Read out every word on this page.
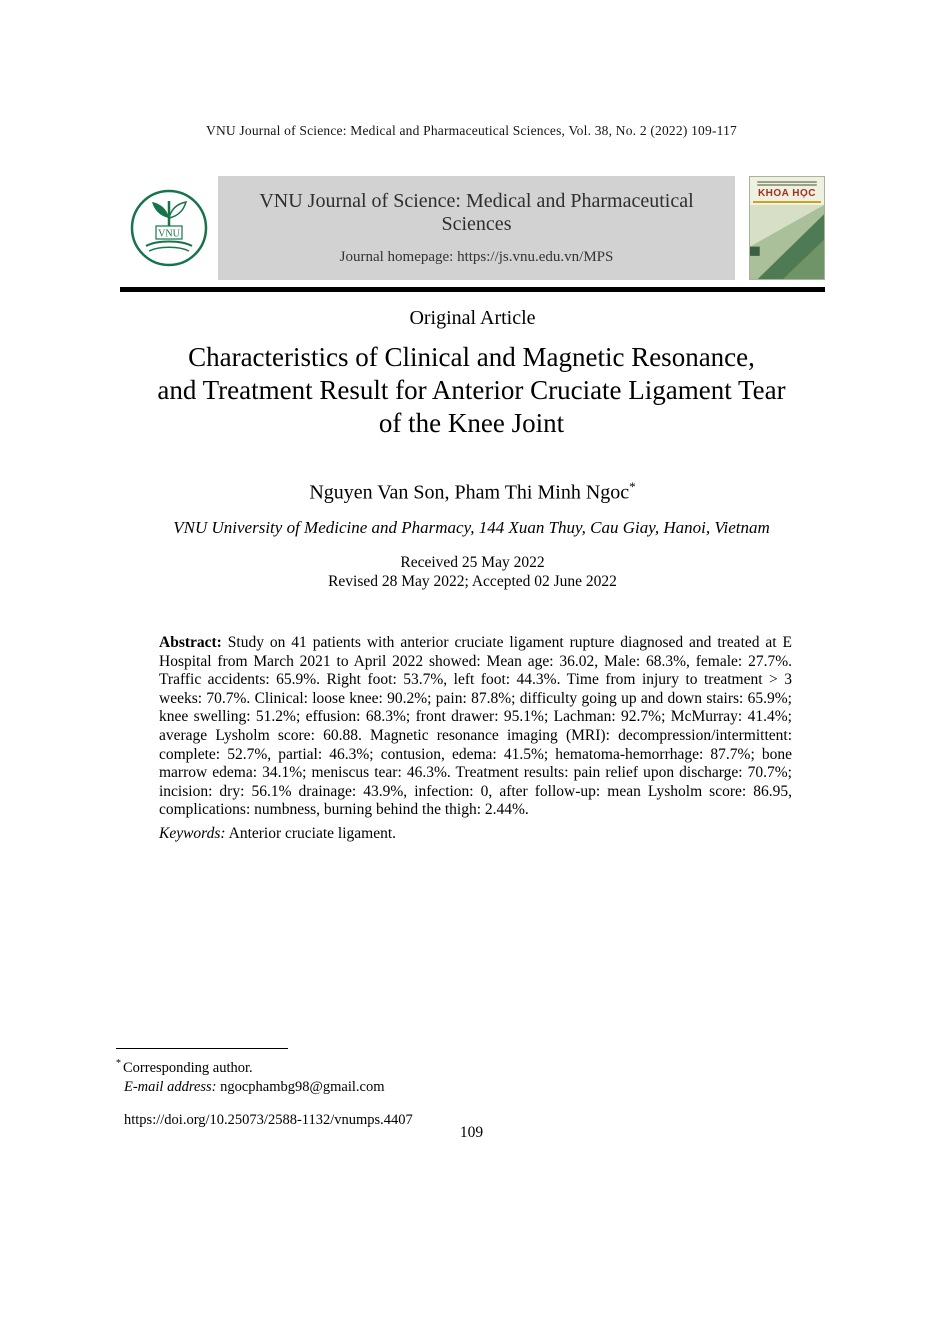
VNU Journal of Science: Medical and Pharmaceutical Sciences, Vol. 38, No. 2 (2022) 109-117
VNU
VNU Journal of Science: Medical and Pharmaceutical Sciences
Journal homepage: https://js.vnu.edu.vn/MPS
KHOA HỌC
Original Article
Characteristics of Clinical and Magnetic Resonance,
and Treatment Result for Anterior Cruciate Ligament Tear
of the Knee Joint
Nguyen Van Son, Pham Thi Minh Ngoc*
VNU University of Medicine and Pharmacy, 144 Xuan Thuy, Cau Giay, Hanoi, Vietnam
Received 25 May 2022
Revised 28 May 2022; Accepted 02 June 2022

Abstract: Study on 41 patients with anterior cruciate ligament rupture diagnosed and treated at E Hospital from March 2021 to April 2022 showed: Mean age: 36.02, Male: 68.3%, female: 27.7%. Traffic accidents: 65.9%. Right foot: 53.7%, left foot: 44.3%. Time from injury to treatment > 3 weeks: 70.7%. Clinical: loose knee: 90.2%; pain: 87.8%; difficulty going up and down stairs: 65.9%; knee swelling: 51.2%; effusion: 68.3%; front drawer: 95.1%; Lachman: 92.7%; McMurray: 41.4%; average Lysholm score: 60.88. Magnetic resonance imaging (MRI): decompression/intermittent: complete: 52.7%, partial: 46.3%; contusion, edema: 41.5%; hematoma-hemorrhage: 87.7%; bone marrow edema: 34.1%; meniscus tear: 46.3%. Treatment results: pain relief upon discharge: 70.7%; incision: dry: 56.1% drainage: 43.9%, infection: 0, after follow-up: mean Lysholm score: 86.95, complications: numbness, burning behind the thigh: 2.44%.

Keywords: Anterior cruciate ligament.

* Corresponding author.
E-mail address: ngocphambg98@gmail.com
https://doi.org/10.25073/2588-1132/vnumps.4407
109
